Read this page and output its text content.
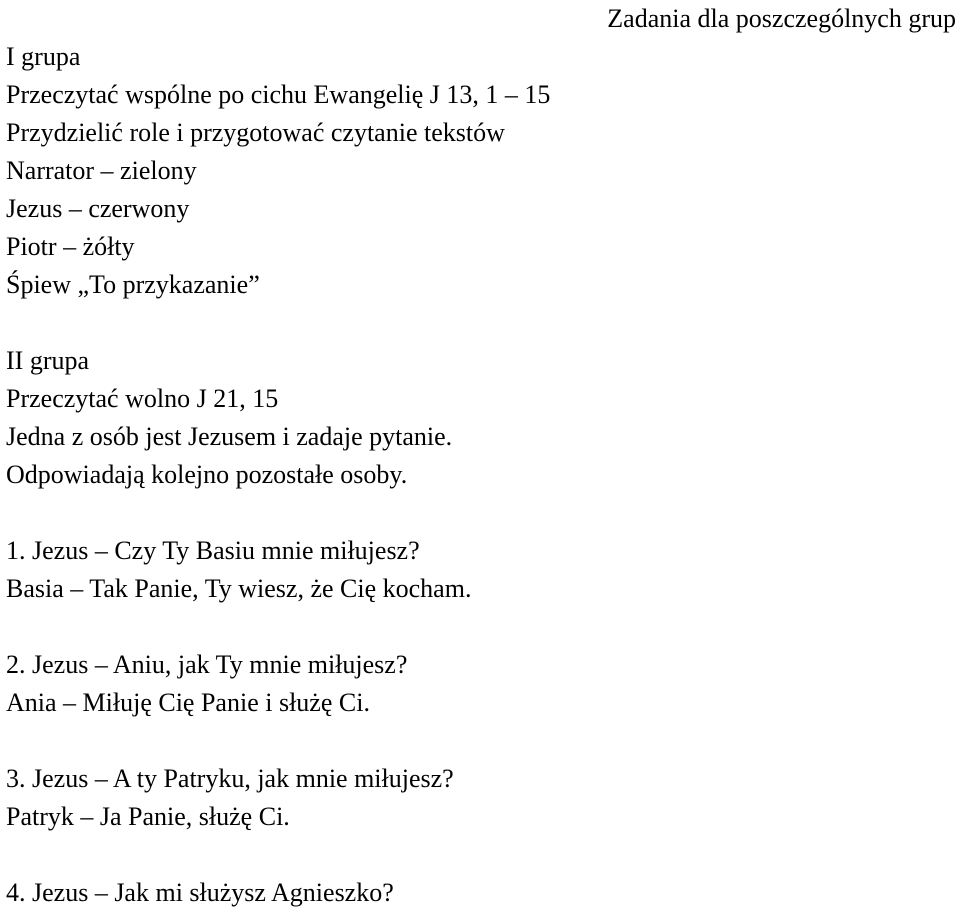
Zadania dla poszczególnych grup
I grupa
Przeczytać wspólne po cichu Ewangelię J 13, 1 – 15
Przydzielić role i przygotować czytanie tekstów
Narrator – zielony
Jezus – czerwony
Piotr – żółty
Śpiew „To przykazanie”
II grupa
Przeczytać wolno J 21, 15
Jedna z osób jest Jezusem i zadaje pytanie.
Odpowiadają kolejno pozostałe osoby.
1. Jezus – Czy Ty Basiu mnie miłujesz?
Basia – Tak Panie, Ty wiesz, że Cię kocham.
2. Jezus – Aniu, jak Ty mnie miłujesz?
Ania – Miłuję Cię Panie i służę Ci.
3. Jezus – A ty Patryku, jak mnie miłujesz?
Patryk – Ja Panie, służę Ci.
4. Jezus – Jak mi służysz Agnieszko?
